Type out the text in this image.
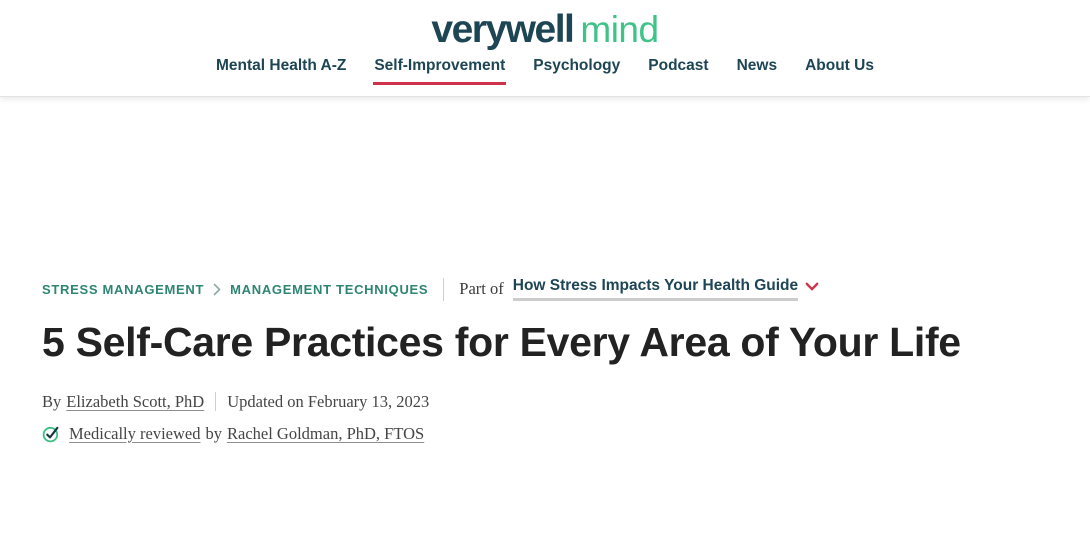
verywell mind
Mental Health A-Z Self-Improvement Psychology Podcast News About Us
STRESS MANAGEMENT MANAGEMENT TECHNIQUES Part of How Stress Impacts Your Health Guide
5 Self-Care Practices for Every Area of Your Life
By Elizabeth Scott, PhD Updated on February 13, 2023
Medically reviewed by Rachel Goldman, PhD, FTOS
